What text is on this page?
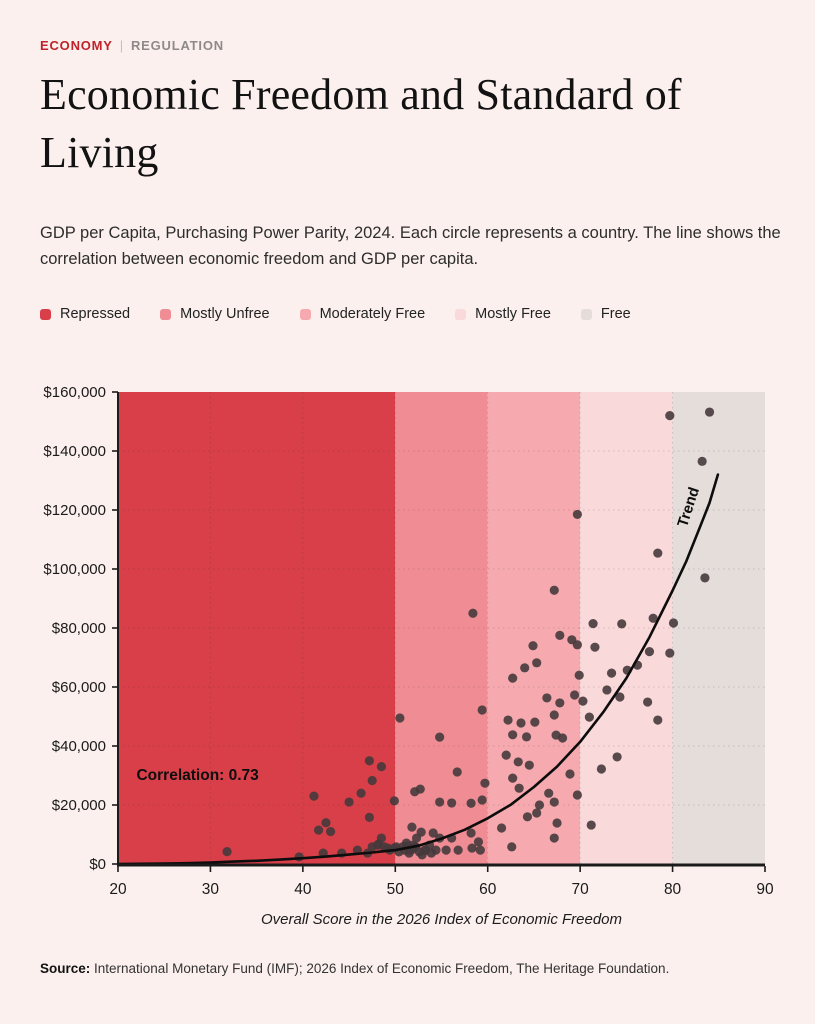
ECONOMY | REGULATION
Economic Freedom and Standard of Living
GDP per Capita, Purchasing Power Parity, 2024. Each circle represents a country. The line shows the correlation between economic freedom and GDP per capita.
Repressed	Mostly Unfree	Moderately Free	Mostly Free	Free
Trend
Correlation: 0.73
$0
$20,000
$40,000
$60,000
$80,000
$100,000
$120,000
$140,000
$160,000
20	30	40	50	60	70	80	90
Overall Score in the 2026 Index of Economic Freedom
Source: International Monetary Fund (IMF); 2026 Index of Economic Freedom, The Heritage Foundation.
